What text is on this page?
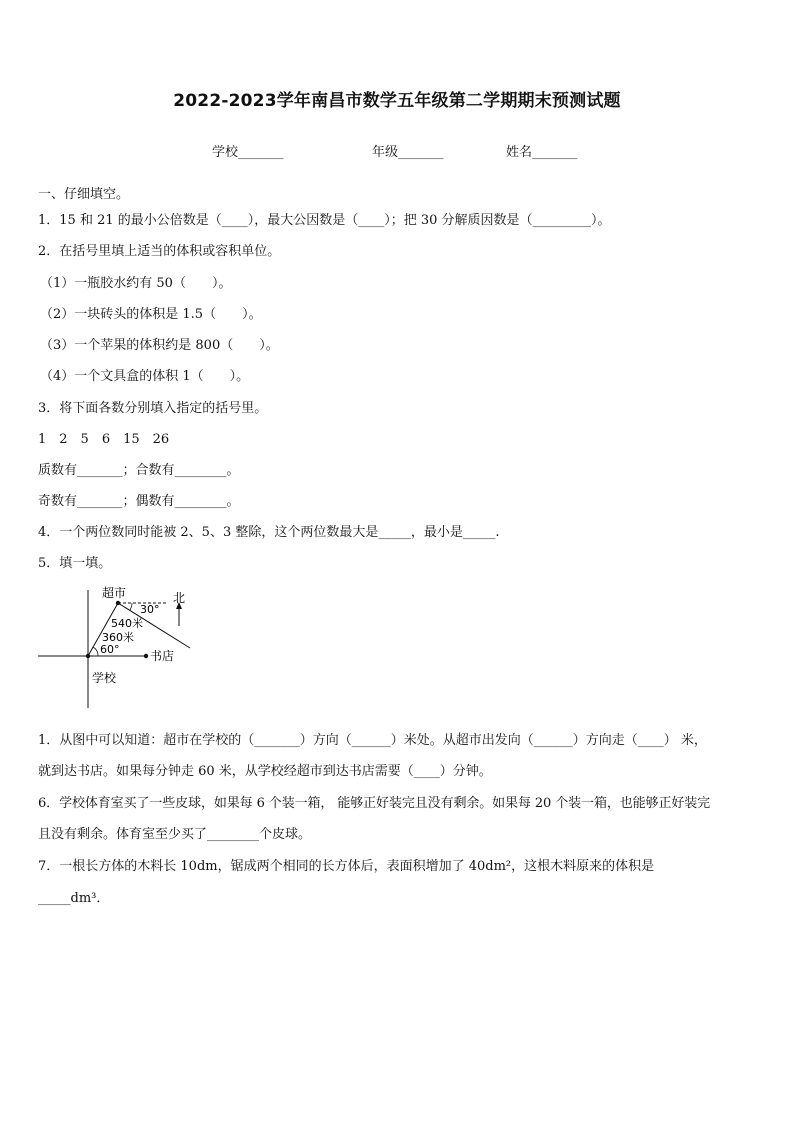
2022-2023学年南昌市数学五年级第二学期期末预测试题
学校_______	年级_______	姓名_______
一、仔细填空。
1．15 和 21 的最小公倍数是（____），最大公因数是（____）；把 30 分解质因数是（_________）。
2．在括号里填上适当的体积或容积单位。
（1）一瓶胶水约有 50（　　）。
（2）一块砖头的体积是 1.5（　　）。
（3）一个苹果的体积约是 800（　　）。
（4）一个文具盒的体积 1（　　）。
3．将下面各数分别填入指定的括号里。
1　2　5　6　15　26
质数有_______；合数有________。
奇数有_______；偶数有________。
4．一个两位数同时能被 2、5、3 整除，这个两位数最大是_____，最小是_____.
5．填一填。
超市	北
30°
540米
360米
60°	书店
学校
1．从图中可以知道：超市在学校的（_______）方向（______）米处。从超市出发向（______）方向走（____） 米，
就到达书店。如果每分钟走 60 米，从学校经超市到达书店需要（____）分钟。
6．学校体育室买了一些皮球，如果每 6 个装一箱， 能够正好装完且没有剩余。如果每 20 个装一箱，也能够正好装完
且没有剩余。体育室至少买了________个皮球。
7．一根长方体的木料长 10dm，锯成两个相同的长方体后，表面积增加了 40dm²，这根木料原来的体积是
_____dm³．
